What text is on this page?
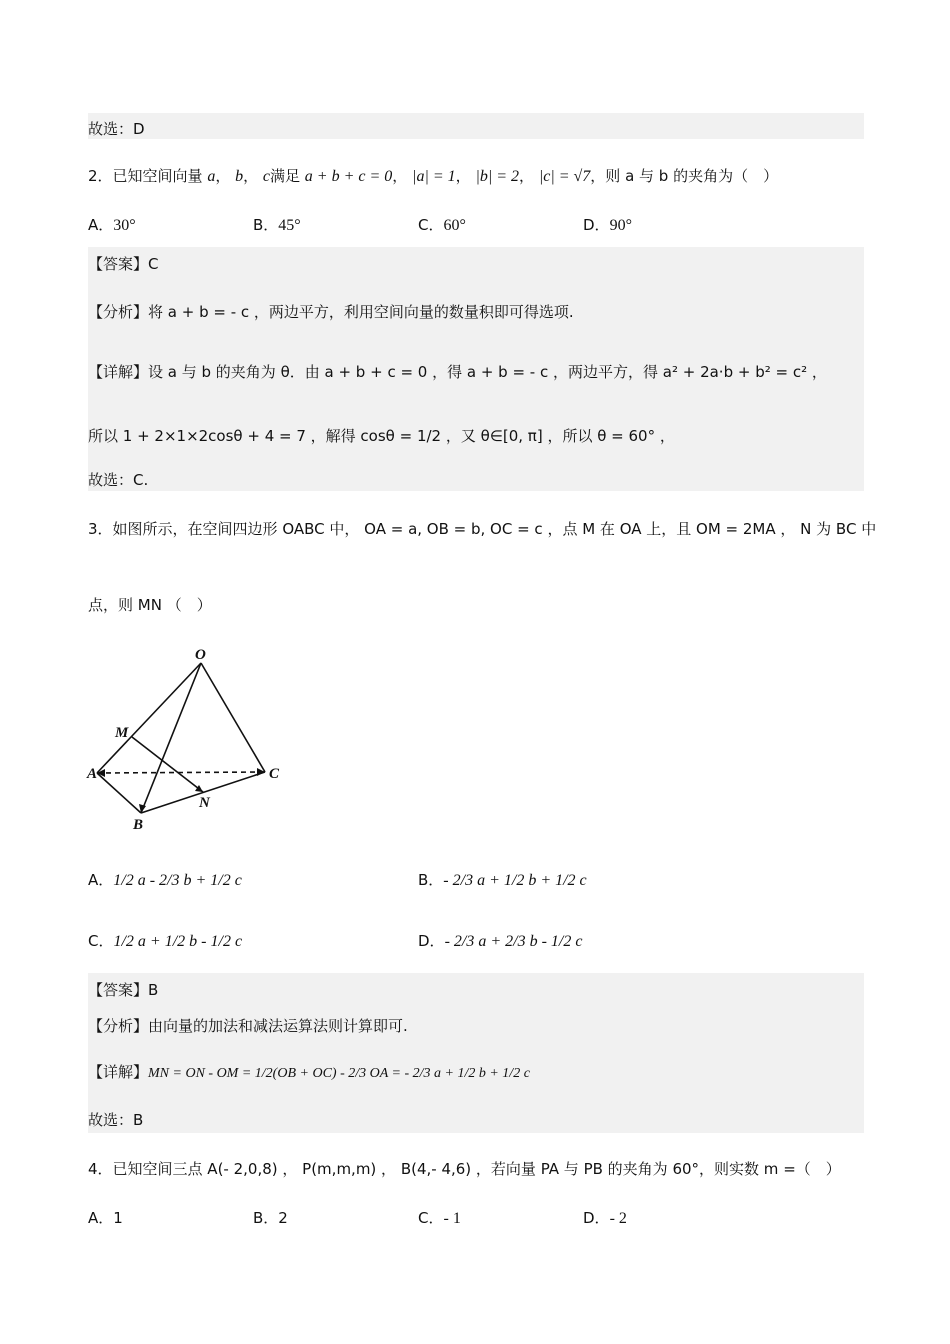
故选：D
2．已知空间向量 a， b， c满足 a + b + c = 0， |a| = 1， |b| = 2， |c| = √7，则 a 与 b 的夹角为（　）
A．30°	B．45°	C．60°	D．90°
【答案】C
【分析】将 a + b = - c ，两边平方，利用空间向量的数量积即可得选项.
【详解】设 a 与 b 的夹角为 θ．由 a + b + c = 0 ，得 a + b = - c ，两边平方，得 a² + 2a·b + b² = c² ，
所以 1 + 2×1×2cosθ + 4 = 7 ，解得 cosθ = 1/2 ，又 θ∈[0, π] ，所以 θ = 60° ，
故选：C.
3．如图所示，在空间四边形 OABC 中， OA = a, OB = b, OC = c ，点 M 在 OA 上，且 OM = 2MA ， N 为 BC 中
点，则 MN （　）
O
M
A	C
N
B
A．1/2 a - 2/3 b + 1/2 c	B．- 2/3 a + 1/2 b + 1/2 c
C．1/2 a + 1/2 b - 1/2 c	D．- 2/3 a + 2/3 b - 1/2 c
【答案】B
【分析】由向量的加法和减法运算法则计算即可.
【详解】MN = ON - OM = 1/2(OB + OC) - 2/3 OA = - 2/3 a + 1/2 b + 1/2 c
故选：B
4．已知空间三点 A(- 2,0,8) ， P(m,m,m) ， B(4,- 4,6) ，若向量 PA 与 PB 的夹角为 60°，则实数 m =（　）
A．1	B．2	C．- 1	D．- 2
